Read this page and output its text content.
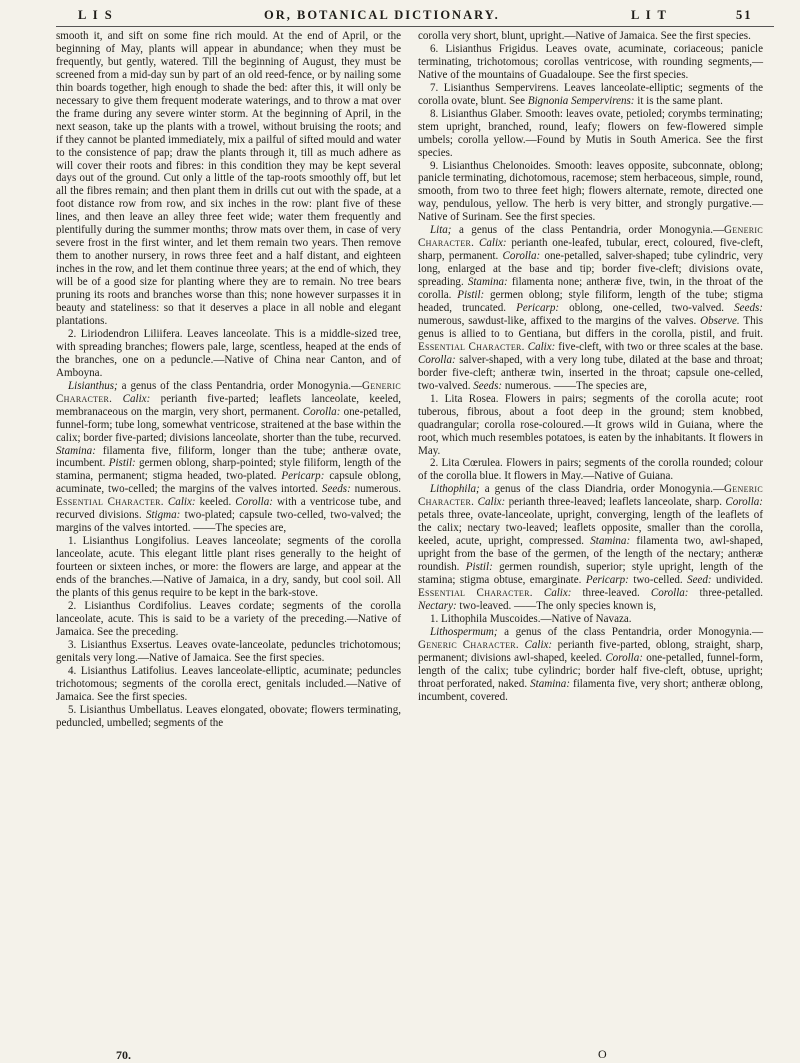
L I S	OR, BOTANICAL DICTIONARY.	L I T	51

smooth it, and sift on some fine rich mould. At the end of April, or the beginning of May, plants will appear in abundance; when they must be frequently, but gently, watered. Till the beginning of August, they must be screened from a mid-day sun by part of an old reed-fence, or by nailing some thin boards together, high enough to shade the bed: after this, it will only be necessary to give them frequent moderate waterings, and to throw a mat over the frame during any severe winter storm. At the beginning of April, in the next season, take up the plants with a trowel, without bruising the roots; and if they cannot be planted immediately, mix a pailful of sifted mould and water to the consistence of pap; draw the plants through it, till as much adhere as will cover their roots and fibres: in this condition they may be kept several days out of the ground. Cut only a little of the tap-roots smoothly off, but let all the fibres remain; and then plant them in drills cut out with the spade, at a foot distance row from row, and six inches in the row: plant five of these lines, and then leave an alley three feet wide; water them frequently and plentifully during the summer months; throw mats over them, in case of very severe frost in the first winter, and let them remain two years. Then remove them to another nursery, in rows three feet and a half distant, and eighteen inches in the row, and let them continue three years; at the end of which, they will be of a good size for planting where they are to remain. No tree bears pruning its roots and branches worse than this; none however surpasses it in beauty and stateliness: so that it deserves a place in all noble and elegant plantations.

2. Liriodendron Liliifera. Leaves lanceolate. This is a middle-sized tree, with spreading branches; flowers pale, large, scentless, heaped at the ends of the branches, one on a peduncle.—Native of China near Canton, and of Amboyna.

Lisianthus; a genus of the class Pentandria, order Monogynia.—Generic Character. Calix: perianth five-parted; leaflets lanceolate, keeled, membranaceous on the margin, very short, permanent. Corolla: one-petalled, funnel-form; tube long, somewhat ventricose, straitened at the base within the calix; border five-parted; divisions lanceolate, shorter than the tube, recurved. Stamina: filamenta five, filiform, longer than the tube; antheræ ovate, incumbent. Pistil: germen oblong, sharp-pointed; style filiform, length of the stamina, permanent; stigma headed, two-plated. Pericarp: capsule oblong, acuminate, two-celled; the margins of the valves intorted. Seeds: numerous. Essential Character. Calix: keeled. Corolla: with a ventricose tube, and recurved divisions. Stigma: two-plated; capsule two-celled, two-valved; the margins of the valves intorted. ——The species are,

1. Lisianthus Longifolius. Leaves lanceolate; segments of the corolla lanceolate, acute. This elegant little plant rises generally to the height of fourteen or sixteen inches, or more: the flowers are large, and appear at the ends of the branches.—Native of Jamaica, in a dry, sandy, but cool soil. All the plants of this genus require to be kept in the bark-stove.

2. Lisianthus Cordifolius. Leaves cordate; segments of the corolla lanceolate, acute. This is said to be a variety of the preceding.—Native of Jamaica. See the preceding.

3. Lisianthus Exsertus. Leaves ovate-lanceolate, peduncles trichotomous; genitals very long.—Native of Jamaica. See the first species.

4. Lisianthus Latifolius. Leaves lanceolate-elliptic, acuminate; peduncles trichotomous; segments of the corolla erect, genitals included.—Native of Jamaica. See the first species.

5. Lisianthus Umbellatus. Leaves elongated, obovate; flowers terminating, peduncled, umbelled; segments of the

corolla very short, blunt, upright.—Native of Jamaica. See the first species.

6. Lisianthus Frigidus. Leaves ovate, acuminate, coriaceous; panicle terminating, trichotomous; corollas ventricose, with rounding segments,—Native of the mountains of Guadaloupe. See the first species.

7. Lisianthus Sempervirens. Leaves lanceolate-elliptic; segments of the corolla ovate, blunt. See Bignonia Sempervirens: it is the same plant.

8. Lisianthus Glaber. Smooth: leaves ovate, petioled; corymbs terminating; stem upright, branched, round, leafy; flowers on few-flowered simple umbels; corolla yellow.—Found by Mutis in South America. See the first species.

9. Lisianthus Chelonoides. Smooth: leaves opposite, subconnate, oblong; panicle terminating, dichotomous, racemose; stem herbaceous, simple, round, smooth, from two to three feet high; flowers alternate, remote, directed one way, pendulous, yellow. The herb is very bitter, and strongly purgative.—Native of Surinam. See the first species.

Lita; a genus of the class Pentandria, order Monogynia.—Generic Character. Calix: perianth one-leafed, tubular, erect, coloured, five-cleft, sharp, permanent. Corolla: one-petalled, salver-shaped; tube cylindric, very long, enlarged at the base and tip; border five-cleft; divisions ovate, spreading. Stamina: filamenta none; antheræ five, twin, in the throat of the corolla. Pistil: germen oblong; style filiform, length of the tube; stigma headed, truncated. Pericarp: oblong, one-celled, two-valved. Seeds: numerous, sawdust-like, affixed to the margins of the valves. Observe. This genus is allied to to Gentiana, but differs in the corolla, pistil, and fruit. Essential Character. Calix: five-cleft, with two or three scales at the base. Corolla: salver-shaped, with a very long tube, dilated at the base and throat; border five-cleft; antheræ twin, inserted in the throat; capsule one-celled, two-valved. Seeds: numerous. ——The species are,

1. Lita Rosea. Flowers in pairs; segments of the corolla acute; root tuberous, fibrous, about a foot deep in the ground; stem knobbed, quadrangular; corolla rose-coloured.—It grows wild in Guiana, where the root, which much resembles potatoes, is eaten by the inhabitants. It flowers in May.

2. Lita Cœrulea. Flowers in pairs; segments of the corolla rounded; colour of the corolla blue. It flowers in May.—Native of Guiana.

Lithophila; a genus of the class Diandria, order Monogynia.—Generic Character. Calix: perianth three-leaved; leaflets lanceolate, sharp. Corolla: petals three, ovate-lanceolate, upright, converging, length of the leaflets of the calix; nectary two-leaved; leaflets opposite, smaller than the corolla, keeled, acute, upright, compressed. Stamina: filamenta two, awl-shaped, upright from the base of the germen, of the length of the nectary; antheræ roundish. Pistil: germen roundish, superior; style upright, length of the stamina; stigma obtuse, emarginate. Pericarp: two-celled. Seed: undivided. Essential Character. Calix: three-leaved. Corolla: three-petalled. Nectary: two-leaved. ——The only species known is,

1. Lithophila Muscoides.—Native of Navaza.

Lithospermum; a genus of the class Pentandria, order Monogynia.—Generic Character. Calix: perianth five-parted, oblong, straight, sharp, permanent; divisions awl-shaped, keeled. Corolla: one-petalled, funnel-form, length of the calix; tube cylindric; border half five-cleft, obtuse, upright; throat perforated, naked. Stamina: filamenta five, very short; antheræ oblong, incumbent, covered.

70.	O
